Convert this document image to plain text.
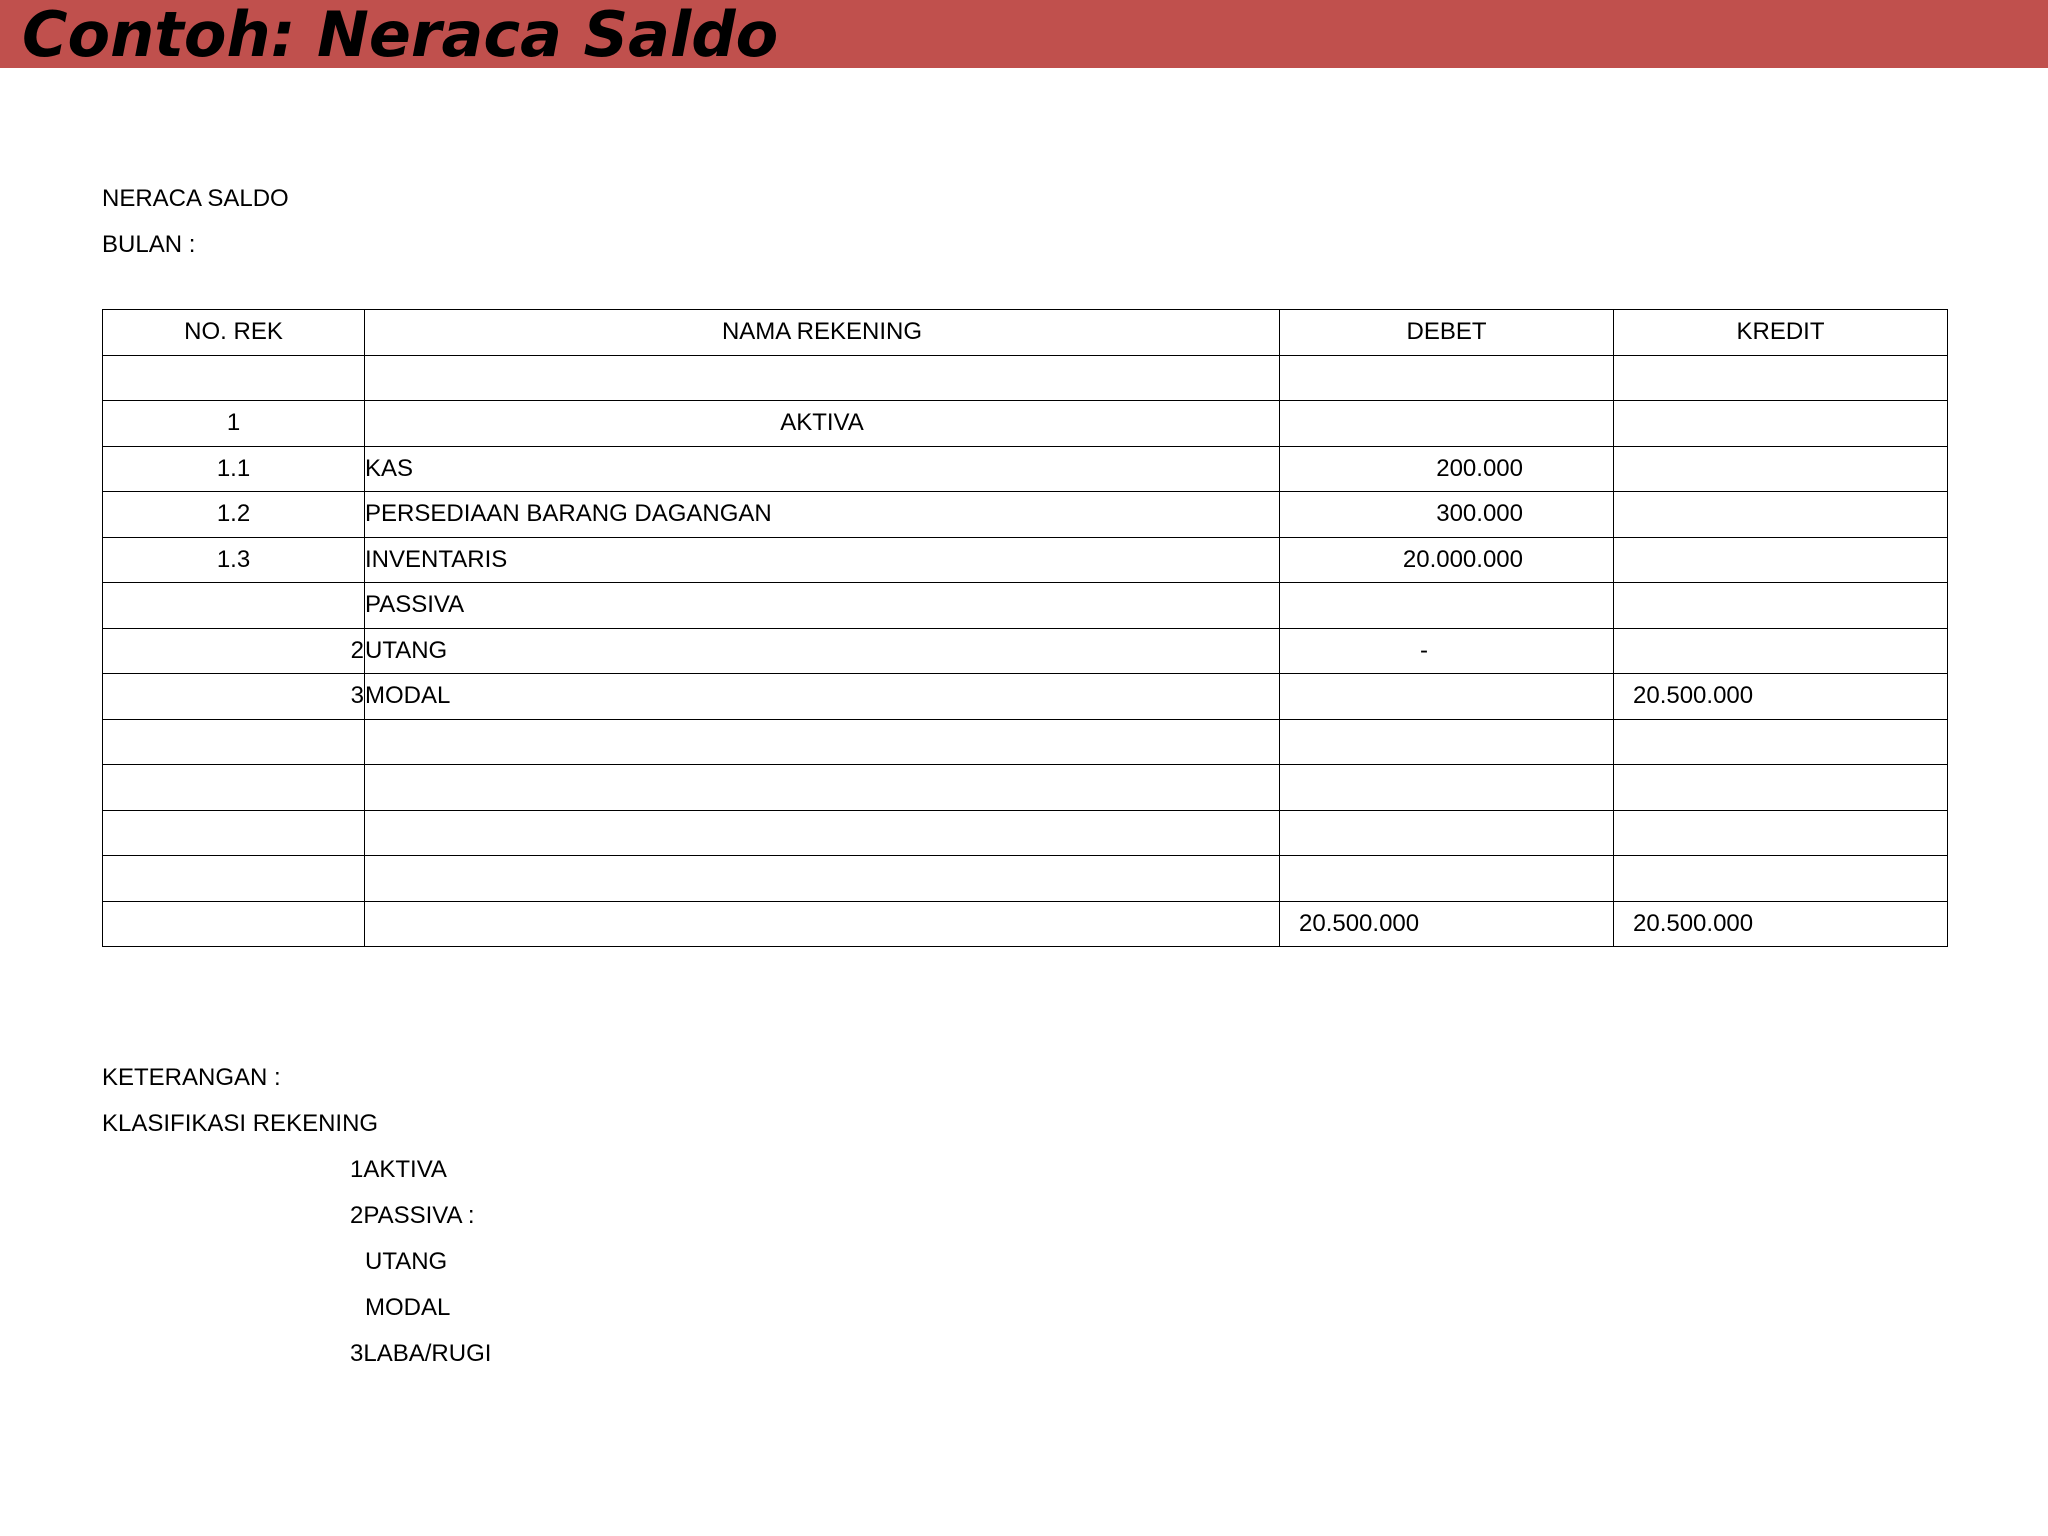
Contoh: Neraca Saldo
NERACA SALDO
BULAN :
NO. REK	NAMA REKENING	DEBET	KREDIT

1	AKTIVA		
1.1	KAS	200.000	
1.2	PERSEDIAAN BARANG DAGANGAN	300.000	
1.3	INVENTARIS	20.000.000	
	PASSIVA		
2	UTANG	-	
3	MODAL		20.500.000

		20.500.000	20.500.000
KETERANGAN :
KLASIFIKASI REKENING
1AKTIVA
2PASSIVA :
UTANG
MODAL
3LABA/RUGI
